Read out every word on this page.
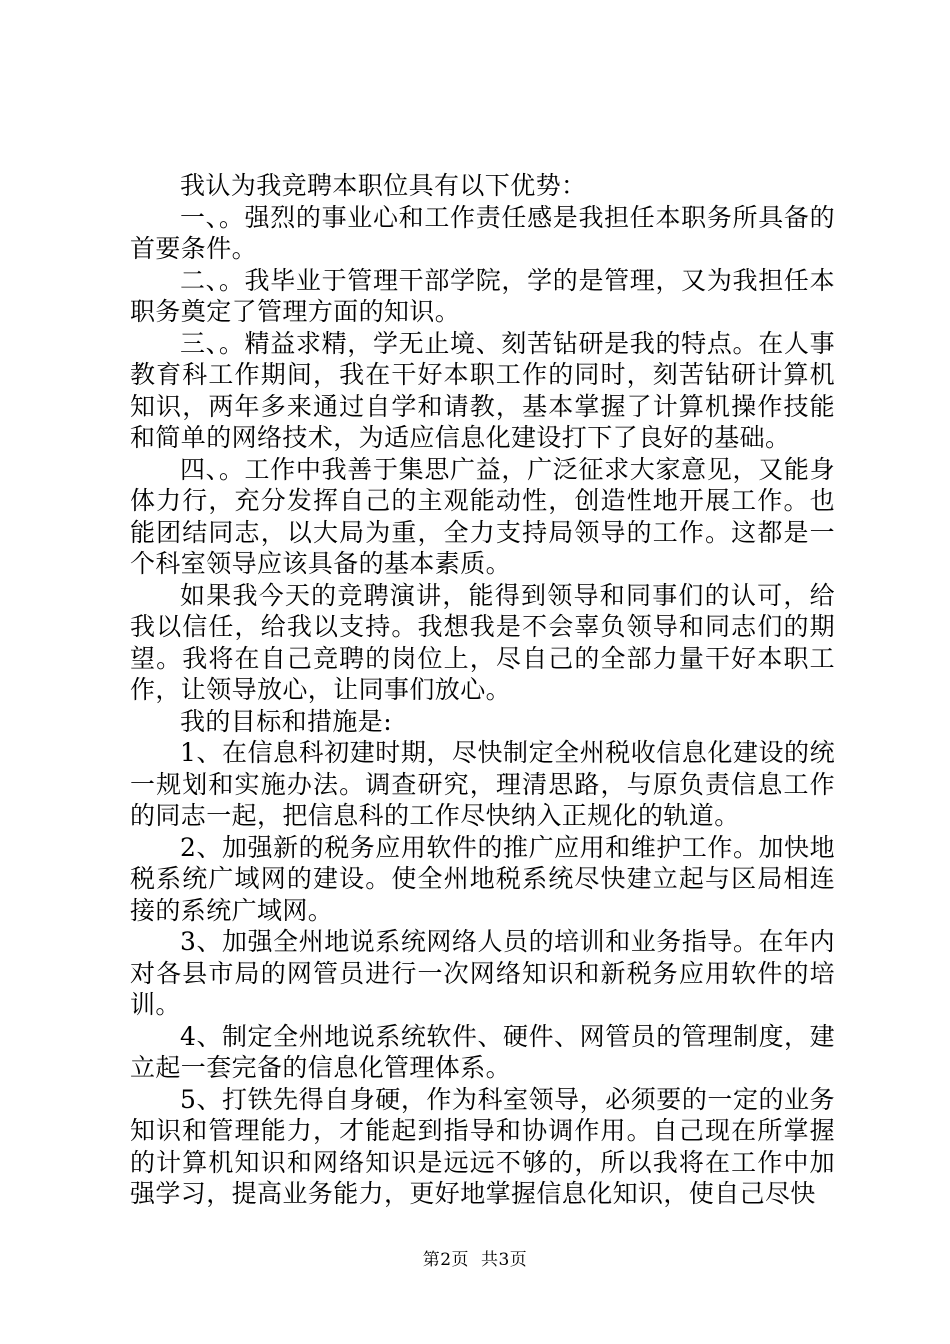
我认为我竞聘本职位具有以下优势：

一、。强烈的事业心和工作责任感是我担任本职务所具备的首要条件。

二、。我毕业于管理干部学院，学的是管理，又为我担任本职务奠定了管理方面的知识。

三、。精益求精，学无止境、刻苦钻研是我的特点。在人事教育科工作期间，我在干好本职工作的同时，刻苦钻研计算机知识，两年多来通过自学和请教，基本掌握了计算机操作技能和简单的网络技术，为适应信息化建设打下了良好的基础。

四、。工作中我善于集思广益，广泛征求大家意见，又能身体力行，充分发挥自己的主观能动性，创造性地开展工作。也能团结同志，以大局为重，全力支持局领导的工作。这都是一个科室领导应该具备的基本素质。

如果我今天的竞聘演讲，能得到领导和同事们的认可，给我以信任，给我以支持。我想我是不会辜负领导和同志们的期望。我将在自己竞聘的岗位上，尽自己的全部力量干好本职工作，让领导放心，让同事们放心。

我的目标和措施是:

1、在信息科初建时期，尽快制定全州税收信息化建设的统一规划和实施办法。调查研究，理清思路，与原负责信息工作的同志一起，把信息科的工作尽快纳入正规化的轨道。

2、加强新的税务应用软件的推广应用和维护工作。加快地税系统广域网的建设。使全州地税系统尽快建立起与区局相连接的系统广域网。

3、加强全州地说系统网络人员的培训和业务指导。在年内对各县市局的网管员进行一次网络知识和新税务应用软件的培训。

4、制定全州地说系统软件、硬件、网管员的管理制度，建立起一套完备的信息化管理体系。

5、打铁先得自身硬，作为科室领导，必须要的一定的业务知识和管理能力，才能起到指导和协调作用。自己现在所掌握的计算机知识和网络知识是远远不够的，所以我将在工作中加强学习，提高业务能力，更好地掌握信息化知识，使自己尽快

第2页 共3页
